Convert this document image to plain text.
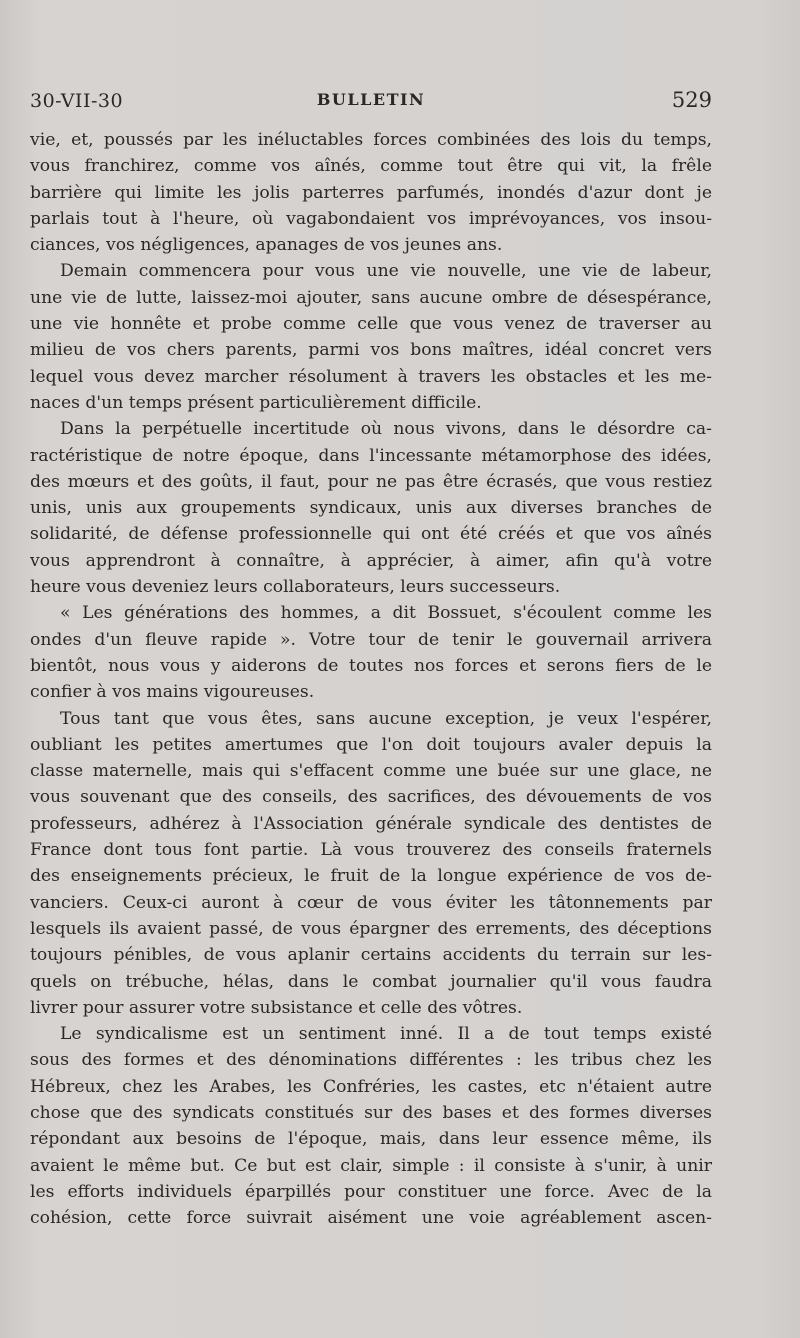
30-VII-30	BULLETIN	529
vie, et, poussés par les inéluctables forces combinées des lois du temps,
vous franchirez, comme vos aînés, comme tout être qui vit, la frêle
barrière qui limite les jolis parterres parfumés, inondés d'azur dont je
parlais tout à l'heure, où vagabondaient vos imprévoyances, vos insou-
ciances, vos négligences, apanages de vos jeunes ans.
Demain commencera pour vous une vie nouvelle, une vie de labeur,
une vie de lutte, laissez-moi ajouter, sans aucune ombre de désespérance,
une vie honnête et probe comme celle que vous venez de traverser au
milieu de vos chers parents, parmi vos bons maîtres, idéal concret vers
lequel vous devez marcher résolument à travers les obstacles et les me-
naces d'un temps présent particulièrement difficile.
Dans la perpétuelle incertitude où nous vivons, dans le désordre ca-
ractéristique de notre époque, dans l'incessante métamorphose des idées,
des mœurs et des goûts, il faut, pour ne pas être écrasés, que vous restiez
unis, unis aux groupements syndicaux, unis aux diverses branches de
solidarité, de défense professionnelle qui ont été créés et que vos aînés
vous apprendront à connaître, à apprécier, à aimer, afin qu'à votre
heure vous deveniez leurs collaborateurs, leurs successeurs.
« Les générations des hommes, a dit Bossuet, s'écoulent comme les
ondes d'un fleuve rapide ». Votre tour de tenir le gouvernail arrivera
bientôt, nous vous y aiderons de toutes nos forces et serons fiers de le
confier à vos mains vigoureuses.
Tous tant que vous êtes, sans aucune exception, je veux l'espérer,
oubliant les petites amertumes que l'on doit toujours avaler depuis la
classe maternelle, mais qui s'effacent comme une buée sur une glace, ne
vous souvenant que des conseils, des sacrifices, des dévouements de vos
professeurs, adhérez à l'Association générale syndicale des dentistes de
France dont tous font partie. Là vous trouverez des conseils fraternels
des enseignements précieux, le fruit de la longue expérience de vos de-
vanciers. Ceux-ci auront à cœur de vous éviter les tâtonnements par
lesquels ils avaient passé, de vous épargner des errements, des déceptions
toujours pénibles, de vous aplanir certains accidents du terrain sur les-
quels on trébuche, hélas, dans le combat journalier qu'il vous faudra
livrer pour assurer votre subsistance et celle des vôtres.
Le syndicalisme est un sentiment inné. Il a de tout temps existé
sous des formes et des dénominations différentes : les tribus chez les
Hébreux, chez les Arabes, les Confréries, les castes, etc n'étaient autre
chose que des syndicats constitués sur des bases et des formes diverses
répondant aux besoins de l'époque, mais, dans leur essence même, ils
avaient le même but. Ce but est clair, simple : il consiste à s'unir, à unir
les efforts individuels éparpillés pour constituer une force. Avec de la
cohésion, cette force suivrait aisément une voie agréablement ascen-
